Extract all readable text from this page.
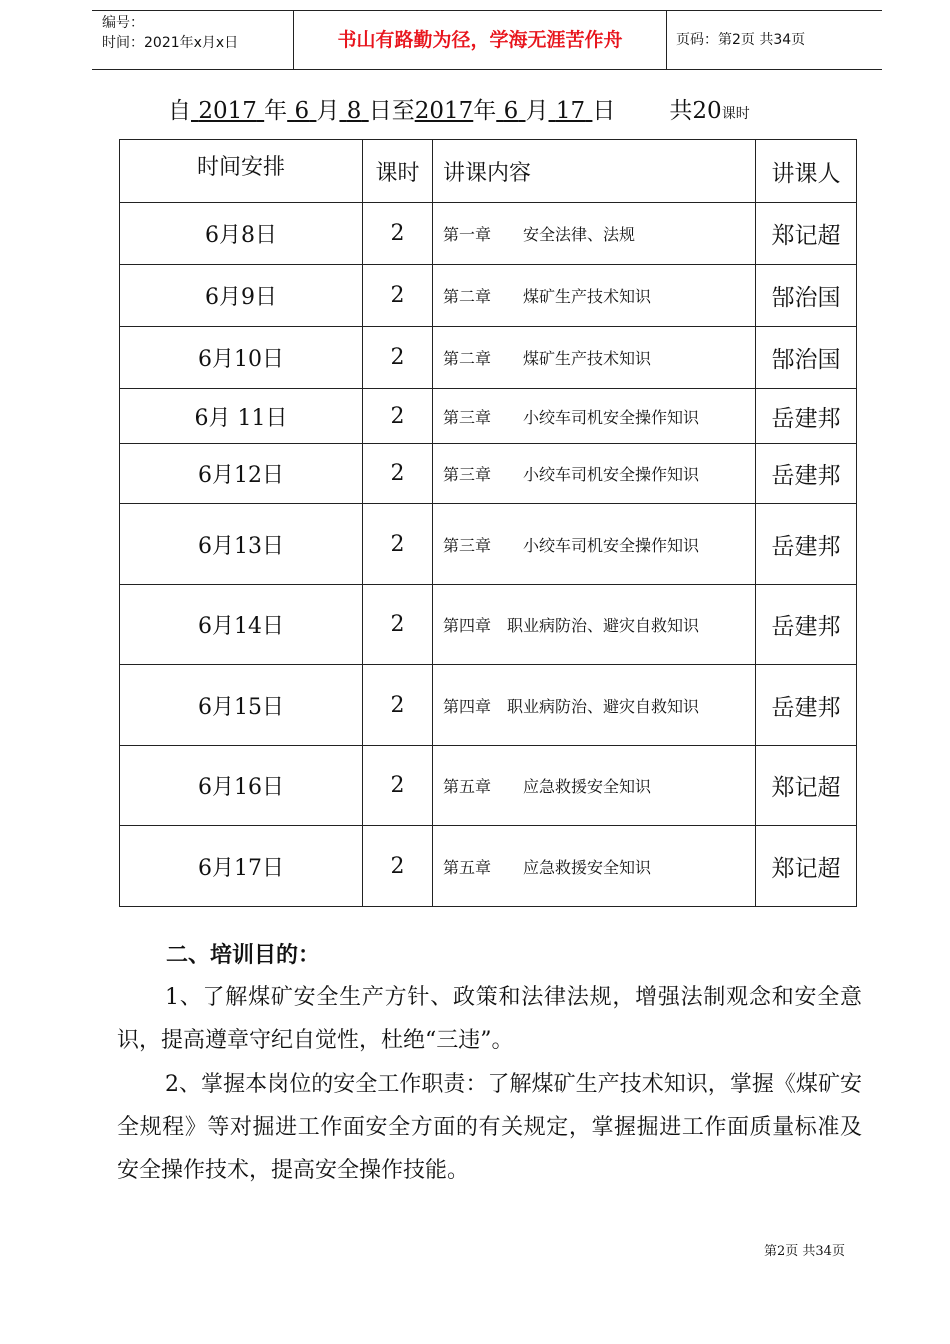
编号：
时间：2021年x月x日	书山有路勤为径，学海无涯苦作舟	页码：第2页 共34页
自 2017 年 6 月 8 日至2017年 6 月 17 日 共20课时
时间安排	课时	讲课内容	讲课人
6月8日	2	第一章　　安全法律、法规	郑记超
6月9日	2	第二章　　煤矿生产技术知识	郜治国
6月10日	2	第二章　　煤矿生产技术知识	郜治国
6月 11日	2	第三章　　小绞车司机安全操作知识	岳建邦
6月12日	2	第三章　　小绞车司机安全操作知识	岳建邦
6月13日	2	第三章　　小绞车司机安全操作知识	岳建邦
6月14日	2	第四章　职业病防治、避灾自救知识	岳建邦
6月15日	2	第四章　职业病防治、避灾自救知识	岳建邦
6月16日	2	第五章　　应急救援安全知识	郑记超
6月17日	2	第五章　　应急救援安全知识	郑记超
二、培训目的：

1、了解煤矿安全生产方针、政策和法律法规，增强法制观念和安全意识，提高遵章守纪自觉性，杜绝“三违”。

2、掌握本岗位的安全工作职责：了解煤矿生产技术知识，掌握《煤矿安全规程》等对掘进工作面安全方面的有关规定，掌握掘进工作面质量标准及安全操作技术，提高安全操作技能。

第2页 共34页
